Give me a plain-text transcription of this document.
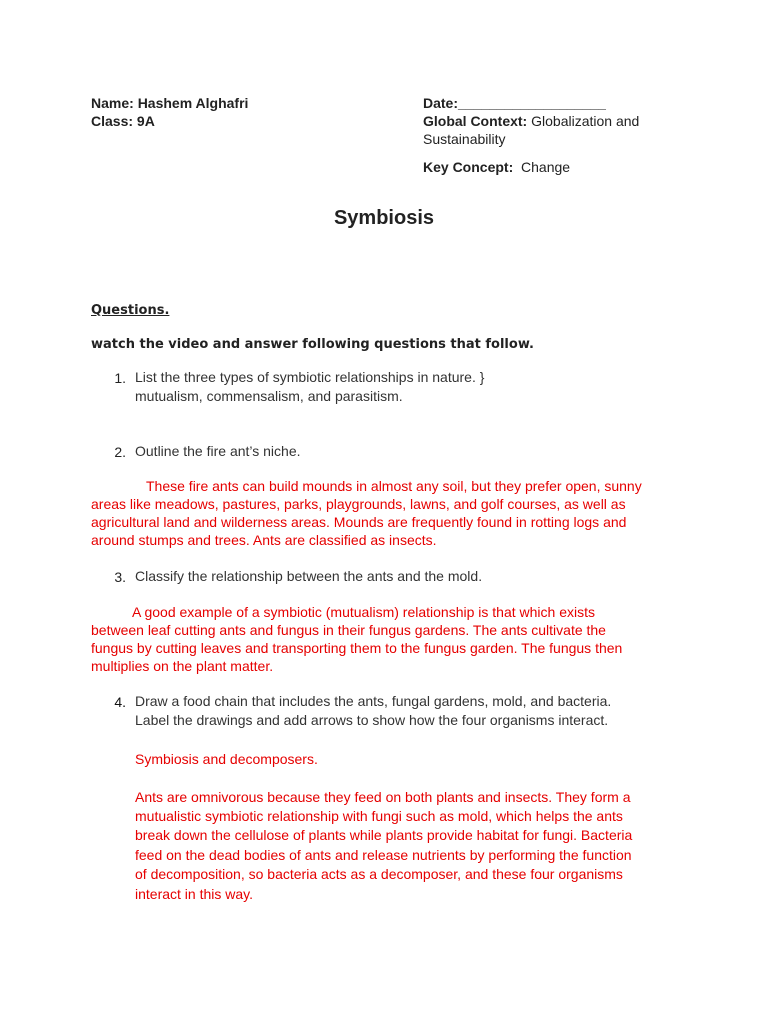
Name: Hashem Alghafri
Class: 9A
Date:___________________
Global Context: Globalization and
Sustainability
Key Concept: Change
Symbiosis
Questions.
watch the video and answer following questions that follow.
1. List the three types of symbiotic relationships in nature. }
mutualism, commensalism, and parasitism.
2. Outline the fire ant’s niche.
These fire ants can build mounds in almost any soil, but they prefer open, sunny
areas like meadows, pastures, parks, playgrounds, lawns, and golf courses, as well as
agricultural land and wilderness areas. Mounds are frequently found in rotting logs and
around stumps and trees. Ants are classified as insects.
3. Classify the relationship between the ants and the mold.
A good example of a symbiotic (mutualism) relationship is that which exists
between leaf cutting ants and fungus in their fungus gardens. The ants cultivate the
fungus by cutting leaves and transporting them to the fungus garden. The fungus then
multiplies on the plant matter.
4. Draw a food chain that includes the ants, fungal gardens, mold, and bacteria.
Label the drawings and add arrows to show how the four organisms interact.
Symbiosis and decomposers.
Ants are omnivorous because they feed on both plants and insects. They form a
mutualistic symbiotic relationship with fungi such as mold, which helps the ants
break down the cellulose of plants while plants provide habitat for fungi. Bacteria
feed on the dead bodies of ants and release nutrients by performing the function
of decomposition, so bacteria acts as a decomposer, and these four organisms
interact in this way.
